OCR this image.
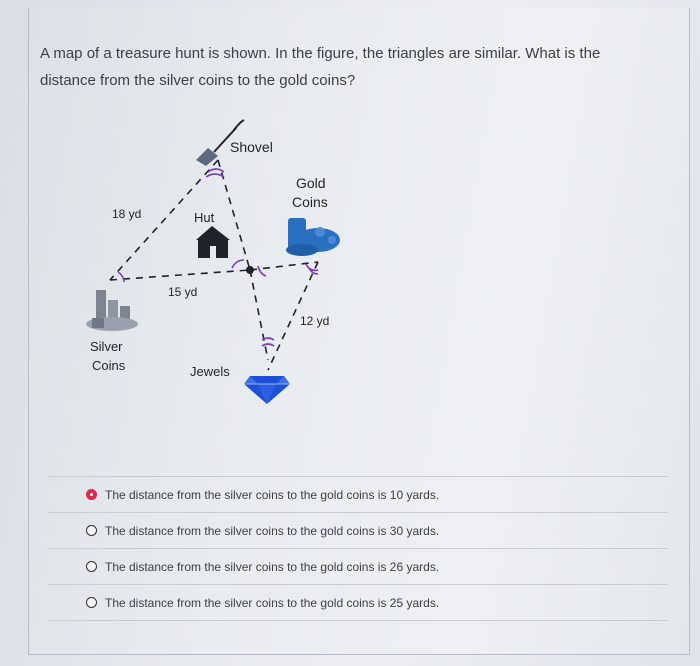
A map of a treasure hunt is shown. In the figure, the triangles are similar. What is the
distance from the silver coins to the gold coins?
Shovel
Gold
Coins
Hut
18 yd
15 yd
12 yd
Silver
Coins	Jewels
The distance from the silver coins to the gold coins is 10 yards.
The distance from the silver coins to the gold coins is 30 yards.
The distance from the silver coins to the gold coins is 26 yards.
The distance from the silver coins to the gold coins is 25 yards.
